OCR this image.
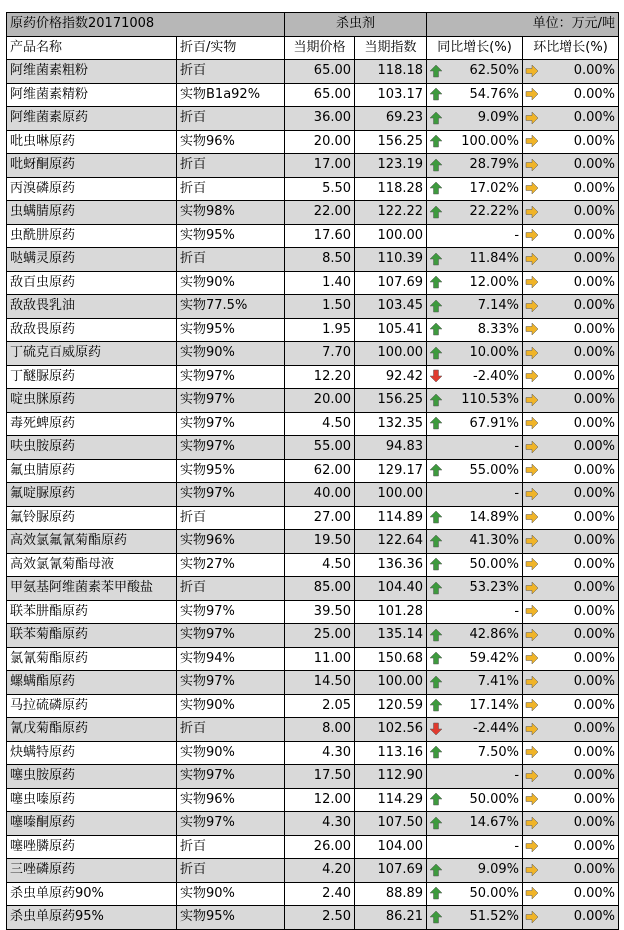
原药价格指数20171008		杀虫剂		单位：万元/吨			
产品名称	折百/实物	当期价格	当期指数	同比增长(%)		环比增长(%)	
阿维菌素粗粉	折百	65.00	118.18		62.50%		0.00%
阿维菌素精粉	实物B1a92%	65.00	103.17		54.76%		0.00%
阿维菌素原药	折百	36.00	69.23		9.09%		0.00%
吡虫啉原药	实物96%	20.00	156.25		100.00%		0.00%
吡蚜酮原药	折百	17.00	123.19		28.79%		0.00%
丙溴磷原药	折百	5.50	118.28		17.02%		0.00%
虫螨腈原药	实物98%	22.00	122.22		22.22%		0.00%
虫酰肼原药	实物95%	17.60	100.00		-		0.00%
哒螨灵原药	折百	8.50	110.39		11.84%		0.00%
敌百虫原药	实物90%	1.40	107.69		12.00%		0.00%
敌敌畏乳油	实物77.5%	1.50	103.45		7.14%		0.00%
敌敌畏原药	实物95%	1.95	105.41		8.33%		0.00%
丁硫克百威原药	实物90%	7.70	100.00		10.00%		0.00%
丁醚脲原药	实物97%	12.20	92.42		-2.40%		0.00%
啶虫脒原药	实物97%	20.00	156.25		110.53%		0.00%
毒死蜱原药	实物97%	4.50	132.35		67.91%		0.00%
呋虫胺原药	实物97%	55.00	94.83		-		0.00%
氟虫腈原药	实物95%	62.00	129.17		55.00%		0.00%
氟啶脲原药	实物97%	40.00	100.00		-		0.00%
氟铃脲原药	折百	27.00	114.89		14.89%		0.00%
高效氯氟氰菊酯原药	实物96%	19.50	122.64		41.30%		0.00%
高效氯氰菊酯母液	实物27%	4.50	136.36		50.00%		0.00%
甲氨基阿维菌素苯甲酸盐	折百	85.00	104.40		53.23%		0.00%
联苯肼酯原药	实物97%	39.50	101.28		-		0.00%
联苯菊酯原药	实物97%	25.00	135.14		42.86%		0.00%
氯氰菊酯原药	实物94%	11.00	150.68		59.42%		0.00%
螺螨酯原药	实物97%	14.50	100.00		7.41%		0.00%
马拉硫磷原药	实物90%	2.05	120.59		17.14%		0.00%
氰戊菊酯原药	折百	8.00	102.56		-2.44%		0.00%
炔螨特原药	实物90%	4.30	113.16		7.50%		0.00%
噻虫胺原药	实物97%	17.50	112.90		-		0.00%
噻虫嗪原药	实物96%	12.00	114.29		50.00%		0.00%
噻嗪酮原药	实物97%	4.30	107.50		14.67%		0.00%
噻唑膦原药	折百	26.00	104.00		-		0.00%
三唑磷原药	折百	4.20	107.69		9.09%		0.00%
杀虫单原药90%	实物90%	2.40	88.89		50.00%		0.00%
杀虫单原药95%	实物95%	2.50	86.21		51.52%		0.00%
